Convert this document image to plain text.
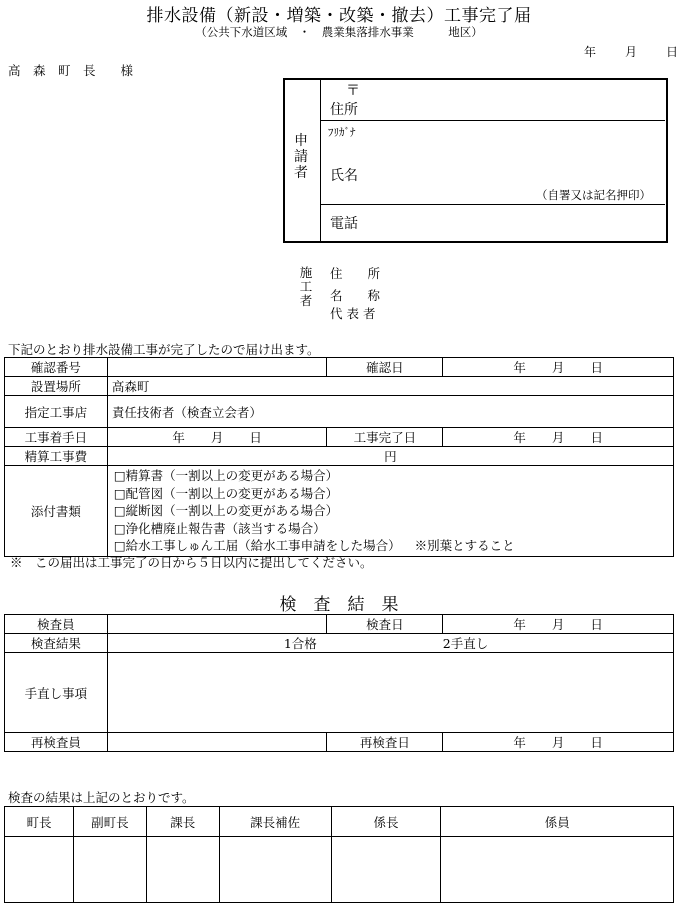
排水設備（新設・増築・改築・撤去）工事完了届
（公共下水道区域　・　農業集落排水事業　　　地区）
年 月 日
高　森　町　長　　様
申
請
者
〒
住所
ﾌﾘｶﾞﾅ
氏名
（自署又は記名押印）
電話
施
工
者
住　　所
名　　称
代 表 者
下記のとおり排水設備工事が完了したので届け出ます。
確認番号		確認日	年 月 日

設置場所	高森町		
指定工事店	責任技術者（検査立会者）		
工事着手日	年 月 日	工事完了日	年 月 日

精算工事費	円		
添付書類	□精算書（一割以上の変更がある場合）
□配管図（一割以上の変更がある場合）
□縦断図（一割以上の変更がある場合）
□浄化槽廃止報告書（該当する場合）
□給水工事しゅん工届（給水工事申請をした場合） ※別葉とすること		
※　この届出は工事完了の日から５日以内に提出してください。
検　査　結　果
検査員		検査日	年 月 日

検査結果	1合格 2手直し		
手直し事項			
再検査員		再検査日	年 月 日
検査の結果は上記のとおりです。
町長	副町長	課長	課長補佐	係長	係員
